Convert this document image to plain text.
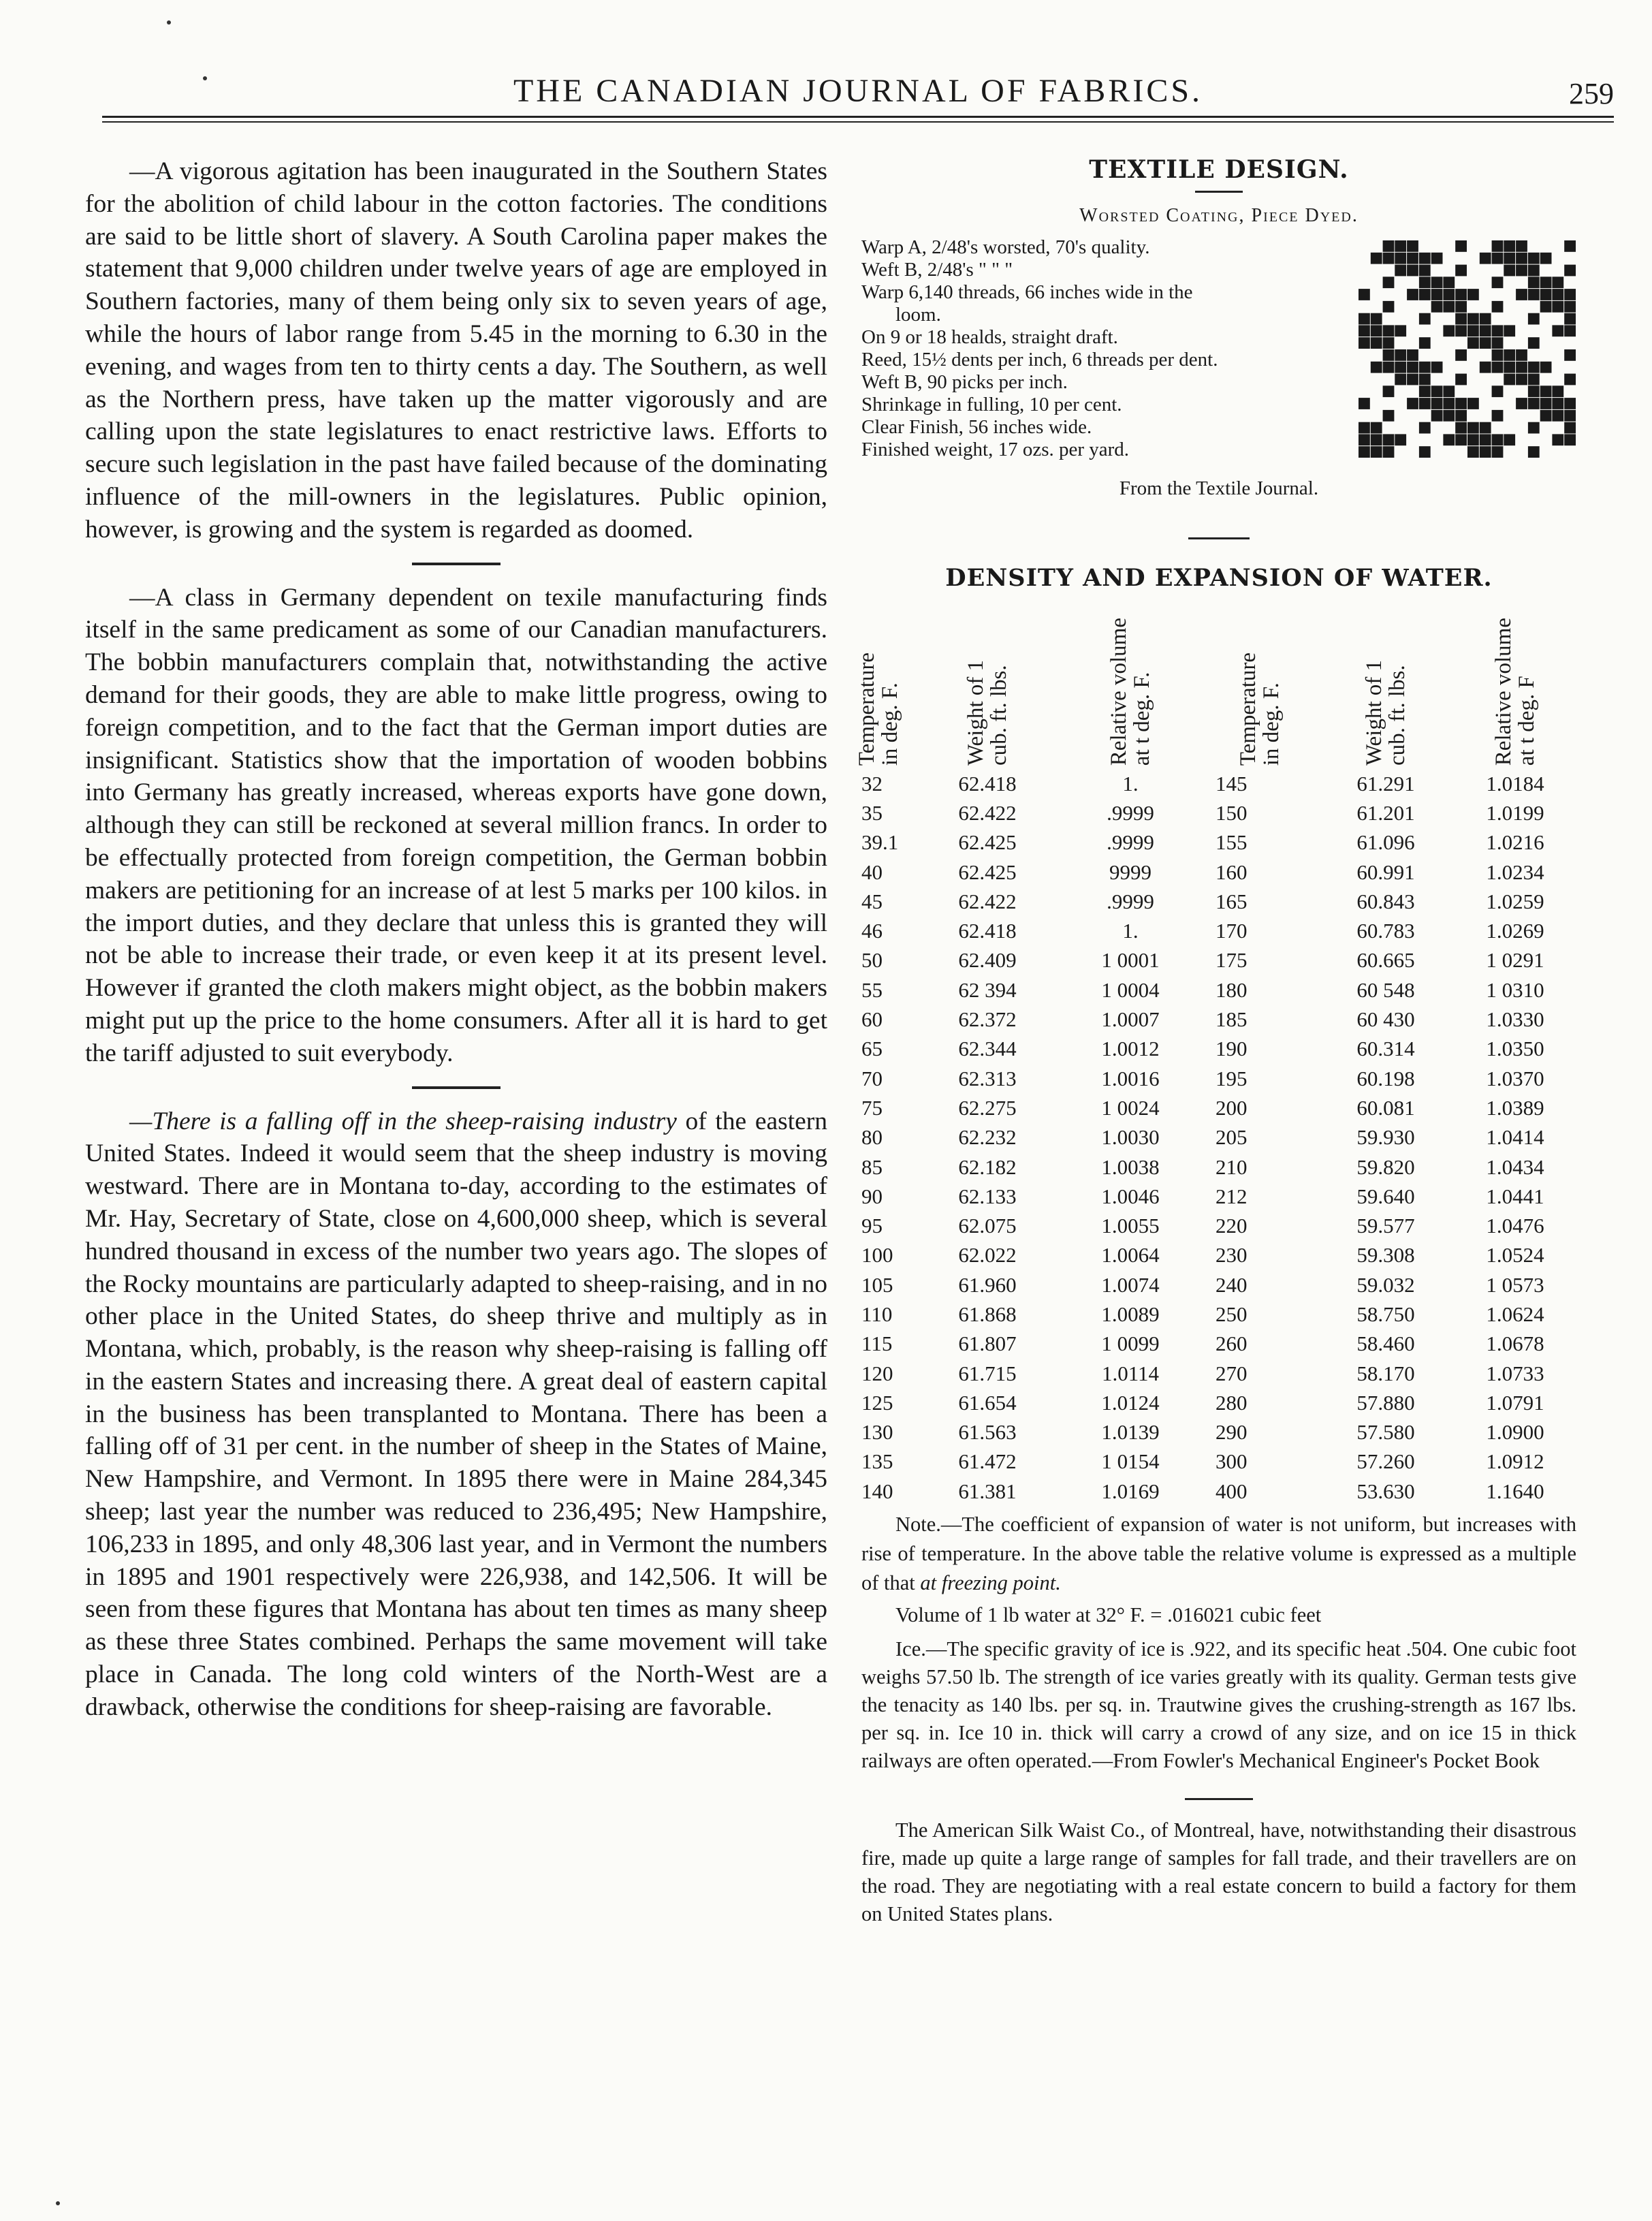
THE CANADIAN JOURNAL OF FABRICS.	259

—A vigorous agitation has been inaugurated in the Southern States for the abolition of child labour in the cotton factories. The conditions are said to be little short of slavery. A South Carolina paper makes the statement that 9,000 children under twelve years of age are employed in Southern factories, many of them being only six to seven years of age, while the hours of labor range from 5.45 in the morning to 6.30 in the evening, and wages from ten to thirty cents a day. The Southern, as well as the Northern press, have taken up the matter vigorously and are calling upon the state legislatures to enact restrictive laws. Efforts to secure such legislation in the past have failed because of the dominating influence of the mill-owners in the legislatures. Public opinion, however, is growing and the system is regarded as doomed.

—A class in Germany dependent on texile manufacturing finds itself in the same predicament as some of our Canadian manufacturers. The bobbin manufacturers complain that, notwithstanding the active demand for their goods, they are able to make little progress, owing to foreign competition, and to the fact that the German import duties are insignificant. Statistics show that the importation of wooden bobbins into Germany has greatly increased, whereas exports have gone down, although they can still be reckoned at several million francs. In order to be effectually protected from foreign competition, the German bobbin makers are petitioning for an increase of at lest 5 marks per 100 kilos. in the import duties, and they declare that unless this is granted they will not be able to increase their trade, or even keep it at its present level. However if granted the cloth makers might object, as the bobbin makers might put up the price to the home consumers. After all it is hard to get the tariff adjusted to suit everybody.

—There is a falling off in the sheep-raising industry of the eastern United States. Indeed it would seem that the sheep industry is moving westward. There are in Montana to-day, according to the estimates of Mr. Hay, Secretary of State, close on 4,600,000 sheep, which is several hundred thousand in excess of the number two years ago. The slopes of the Rocky mountains are particularly adapted to sheep-raising, and in no other place in the United States, do sheep thrive and multiply as in Montana, which, probably, is the reason why sheep-raising is falling off in the eastern States and increasing there. A great deal of eastern capital in the business has been transplanted to Montana. There has been a falling off of 31 per cent. in the number of sheep in the States of Maine, New Hampshire, and Vermont. In 1895 there were in Maine 284,345 sheep; last year the number was reduced to 236,495; New Hampshire, 106,233 in 1895, and only 48,306 last year, and in Vermont the numbers in 1895 and 1901 respectively were 226,938, and 142,506. It will be seen from these figures that Montana has about ten times as many sheep as these three States combined. Perhaps the same movement will take place in Canada. The long cold winters of the North-West are a drawback, otherwise the conditions for sheep-raising are favorable.

TEXTILE DESIGN.
Worsted Coating, Piece Dyed.
Warp A, 2/48's worsted, 70's quality.
Weft B, 2/48's " " "
Warp 6,140 threads, 66 inches wide in the
loom.
On 9 or 18 healds, straight draft.
Reed, 15½ dents per inch, 6 threads per dent.
Weft B, 90 picks per inch.
Shrinkage in fulling, 10 per cent.
Clear Finish, 56 inches wide.
Finished weight, 17 ozs. per yard.
From the Textile Journal.
DENSITY AND EXPANSION OF WATER.
Temperature
in deg. F.	Weight of 1
cub. ft. lbs.	Relative volume
at t deg. F.	Temperature
in deg. F.	Weight of 1
cub. ft. lbs.	Relative volume
at t deg. F
32	62.418	1.	145	61.291	1.0184
35	62.422	.9999	150	61.201	1.0199
39.1	62.425	.9999	155	61.096	1.0216
40	62.425	9999	160	60.991	1.0234
45	62.422	.9999	165	60.843	1.0259
46	62.418	1.	170	60.783	1.0269
50	62.409	1 0001	175	60.665	1 0291
55	62 394	1 0004	180	60 548	1 0310
60	62.372	1.0007	185	60 430	1.0330
65	62.344	1.0012	190	60.314	1.0350
70	62.313	1.0016	195	60.198	1.0370
75	62.275	1 0024	200	60.081	1.0389
80	62.232	1.0030	205	59.930	1.0414
85	62.182	1.0038	210	59.820	1.0434
90	62.133	1.0046	212	59.640	1.0441
95	62.075	1.0055	220	59.577	1.0476
100	62.022	1.0064	230	59.308	1.0524
105	61.960	1.0074	240	59.032	1 0573
110	61.868	1.0089	250	58.750	1.0624
115	61.807	1 0099	260	58.460	1.0678
120	61.715	1.0114	270	58.170	1.0733
125	61.654	1.0124	280	57.880	1.0791
130	61.563	1.0139	290	57.580	1.0900
135	61.472	1 0154	300	57.260	1.0912
140	61.381	1.0169	400	53.630	1.1640

Note.—The coefficient of expansion of water is not uniform, but increases with rise of temperature. In the above table the relative volume is expressed as a multiple of that at freezing point.

Volume of 1 lb water at 32° F. = .016021 cubic feet

Ice.—The specific gravity of ice is .922, and its specific heat .504. One cubic foot weighs 57.50 lb. The strength of ice varies greatly with its quality. German tests give the tenacity as 140 lbs. per sq. in. Trautwine gives the crushing-strength as 167 lbs. per sq. in. Ice 10 in. thick will carry a crowd of any size, and on ice 15 in thick railways are often operated.—From Fowler's Mechanical Engineer's Pocket Book

The American Silk Waist Co., of Montreal, have, notwithstanding their disastrous fire, made up quite a large range of samples for fall trade, and their travellers are on the road. They are negotiating with a real estate concern to build a factory for them on United States plans.
